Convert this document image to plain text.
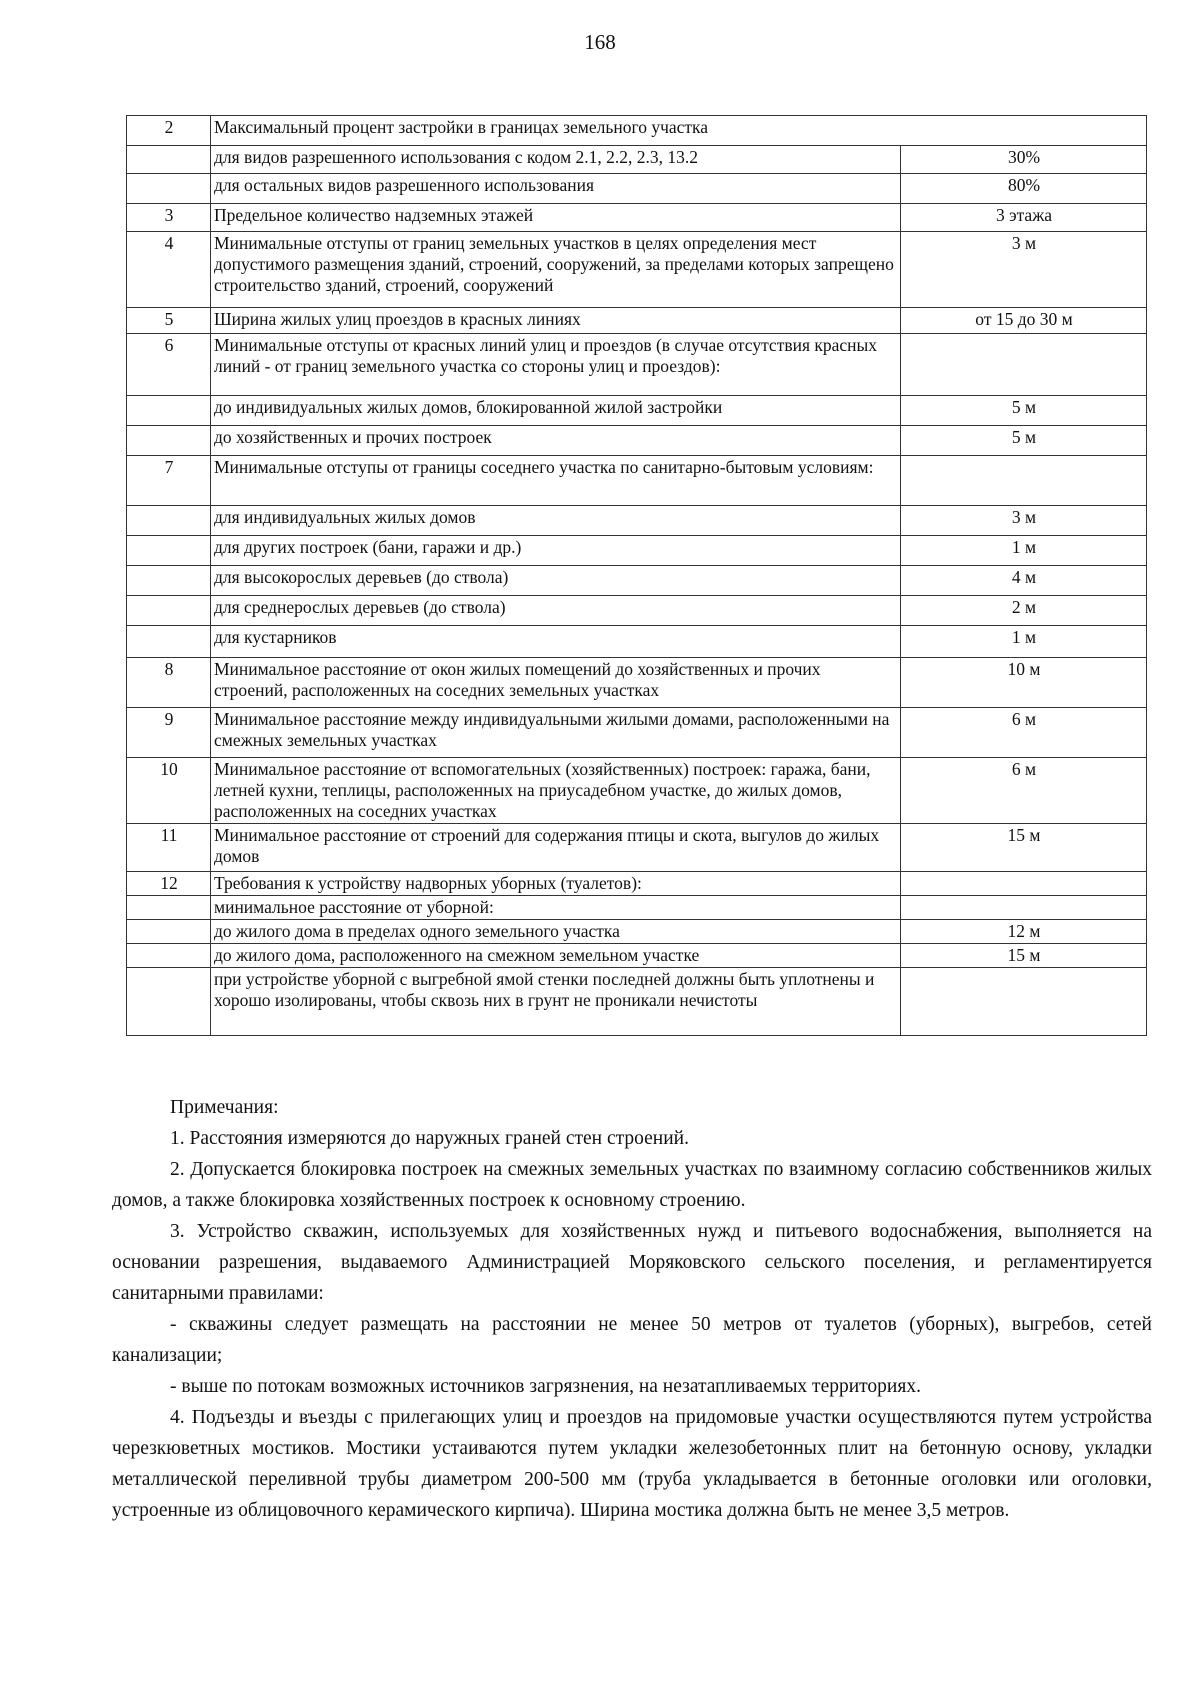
168
2	Максимальный процент застройки в границах земельного участка	
	для видов разрешенного использования с кодом 2.1, 2.2, 2.3, 13.2	30%
	для остальных видов разрешенного использования	80%
3	Предельное количество надземных этажей	3 этажа
4	Минимальные отступы от границ земельных участков в целях определения мест допустимого размещения зданий, строений, сооружений, за пределами которых запрещено строительство зданий, строений, сооружений	3 м
5	Ширина жилых улиц проездов в красных линиях	от 15 до 30 м
6	Минимальные отступы от красных линий улиц и проездов (в случае отсутствия красных линий - от границ земельного участка со стороны улиц и проездов):	
	до индивидуальных жилых домов, блокированной жилой застройки	5 м
	до хозяйственных и прочих построек	5 м
7	Минимальные отступы от границы соседнего участка по санитарно-бытовым условиям:	
	для индивидуальных жилых домов	3 м
	для других построек (бани, гаражи и др.)	1 м
	для высокорослых деревьев (до ствола)	4 м
	для среднерослых деревьев (до ствола)	2 м
	для кустарников	1 м
8	Минимальное расстояние от окон жилых помещений до хозяйственных и прочих строений, расположенных на соседних земельных участках	10 м
9	Минимальное расстояние между индивидуальными жилыми домами, расположенными на смежных земельных участках	6 м
10	Минимальное расстояние от вспомогательных (хозяйственных) построек: гаража, бани, летней кухни, теплицы, расположенных на приусадебном участке, до жилых домов, расположенных на соседних участках	6 м
11	Минимальное расстояние от строений для содержания птицы и скота, выгулов до жилых домов	15 м
12	Требования к устройству надворных уборных (туалетов):	
	минимальное расстояние от уборной:	
	до жилого дома в пределах одного земельного участка	12 м
	до жилого дома, расположенного на смежном земельном участке	15 м
	при устройстве уборной с выгребной ямой стенки последней должны быть уплотнены и хорошо изолированы, чтобы сквозь них в грунт не проникали нечистоты	

Примечания:

1. Расстояния измеряются до наружных граней стен строений.

2. Допускается блокировка построек на смежных земельных участках по взаимному согласию собственников жилых домов, а также блокировка хозяйственных построек к основному строению.

3. Устройство скважин, используемых для хозяйственных нужд и питьевого водоснабжения, выполняется на основании разрешения, выдаваемого Администрацией Моряковского сельского поселения, и регламентируется санитарными правилами:

- скважины следует размещать на расстоянии не менее 50 метров от туалетов (уборных), выгребов, сетей канализации;

- выше по потокам возможных источников загрязнения, на незатапливаемых территориях.

4. Подъезды и въезды с прилегающих улиц и проездов на придомовые участки осуществляются путем устройства черезкюветных мостиков. Мостики устаиваются путем укладки железобетонных плит на бетонную основу, укладки металлической переливной трубы диаметром 200-500 мм (труба укладывается в бетонные оголовки или оголовки, устроенные из облицовочного керамического кирпича). Ширина мостика должна быть не менее 3,5 метров.
